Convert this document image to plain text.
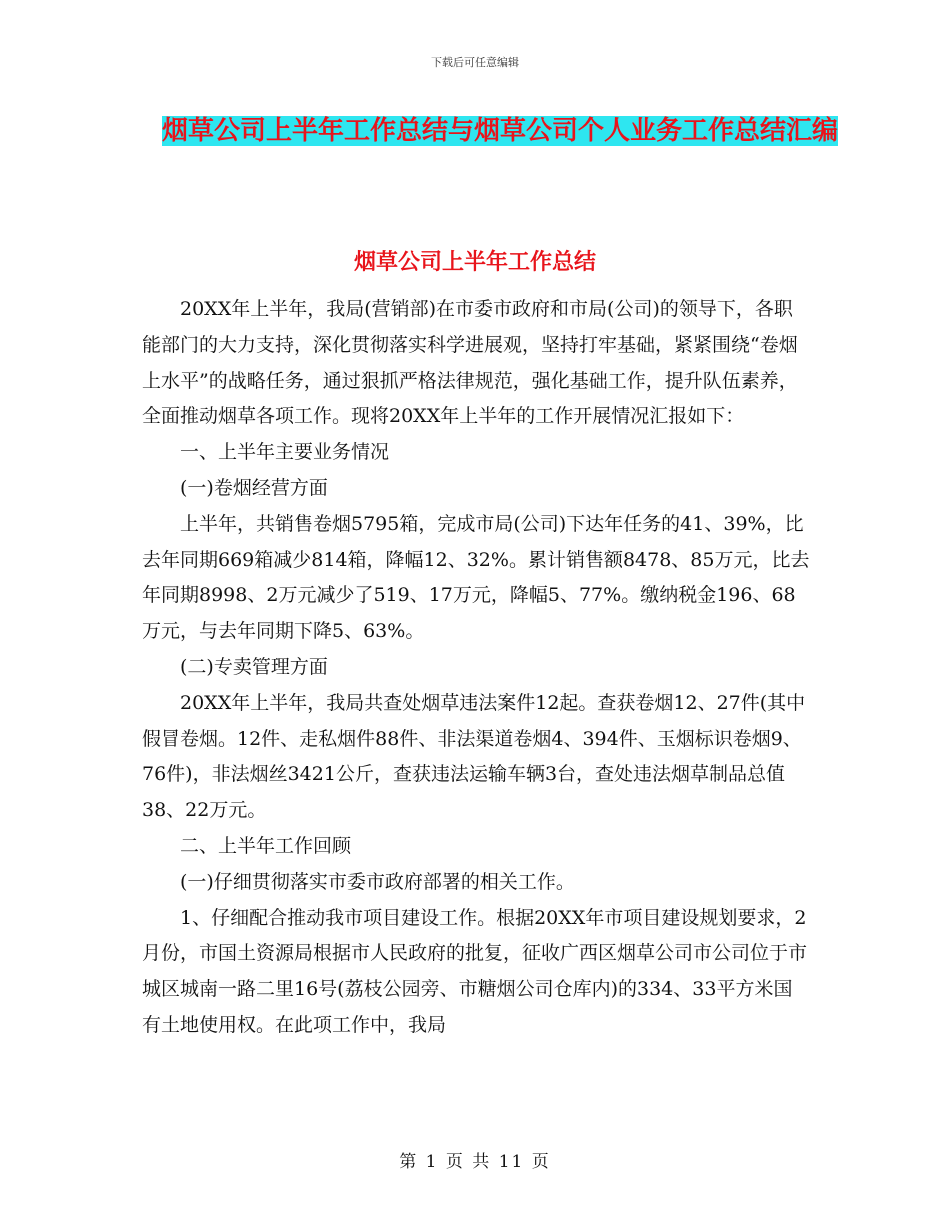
下载后可任意编辑
烟草公司上半年工作总结与烟草公司个人业务工作总结汇编
烟草公司上半年工作总结

20XX年上半年，我局(营销部)在市委市政府和市局(公司)的领导下，各职能部门的大力支持，深化贯彻落实科学进展观，坚持打牢基础，紧紧围绕“卷烟上水平”的战略任务，通过狠抓严格法律规范，强化基础工作，提升队伍素养，全面推动烟草各项工作。现将20XX年上半年的工作开展情况汇报如下：

一、上半年主要业务情况

(一)卷烟经营方面

上半年，共销售卷烟5795箱，完成市局(公司)下达年任务的41、39%，比去年同期669箱减少814箱，降幅12、32%。累计销售额8478、85万元，比去年同期8998、2万元减少了519、17万元，降幅5、77%。缴纳税金196、68万元，与去年同期下降5、63%。

(二)专卖管理方面

20XX年上半年，我局共查处烟草违法案件12起。查获卷烟12、27件(其中假冒卷烟。12件、走私烟件88件、非法渠道卷烟4、394件、玉烟标识卷烟9、76件)，非法烟丝3421公斤，查获违法运输车辆3台，查处违法烟草制品总值38、22万元。

二、上半年工作回顾

(一)仔细贯彻落实市委市政府部署的相关工作。

1、仔细配合推动我市项目建设工作。根据20XX年市项目建设规划要求，2月份，市国土资源局根据市人民政府的批复，征收广西区烟草公司市公司位于市城区城南一路二里16号(荔枝公园旁、市糖烟公司仓库内)的334、33平方米国有土地使用权。在此项工作中，我局

第 1 页 共 11 页
